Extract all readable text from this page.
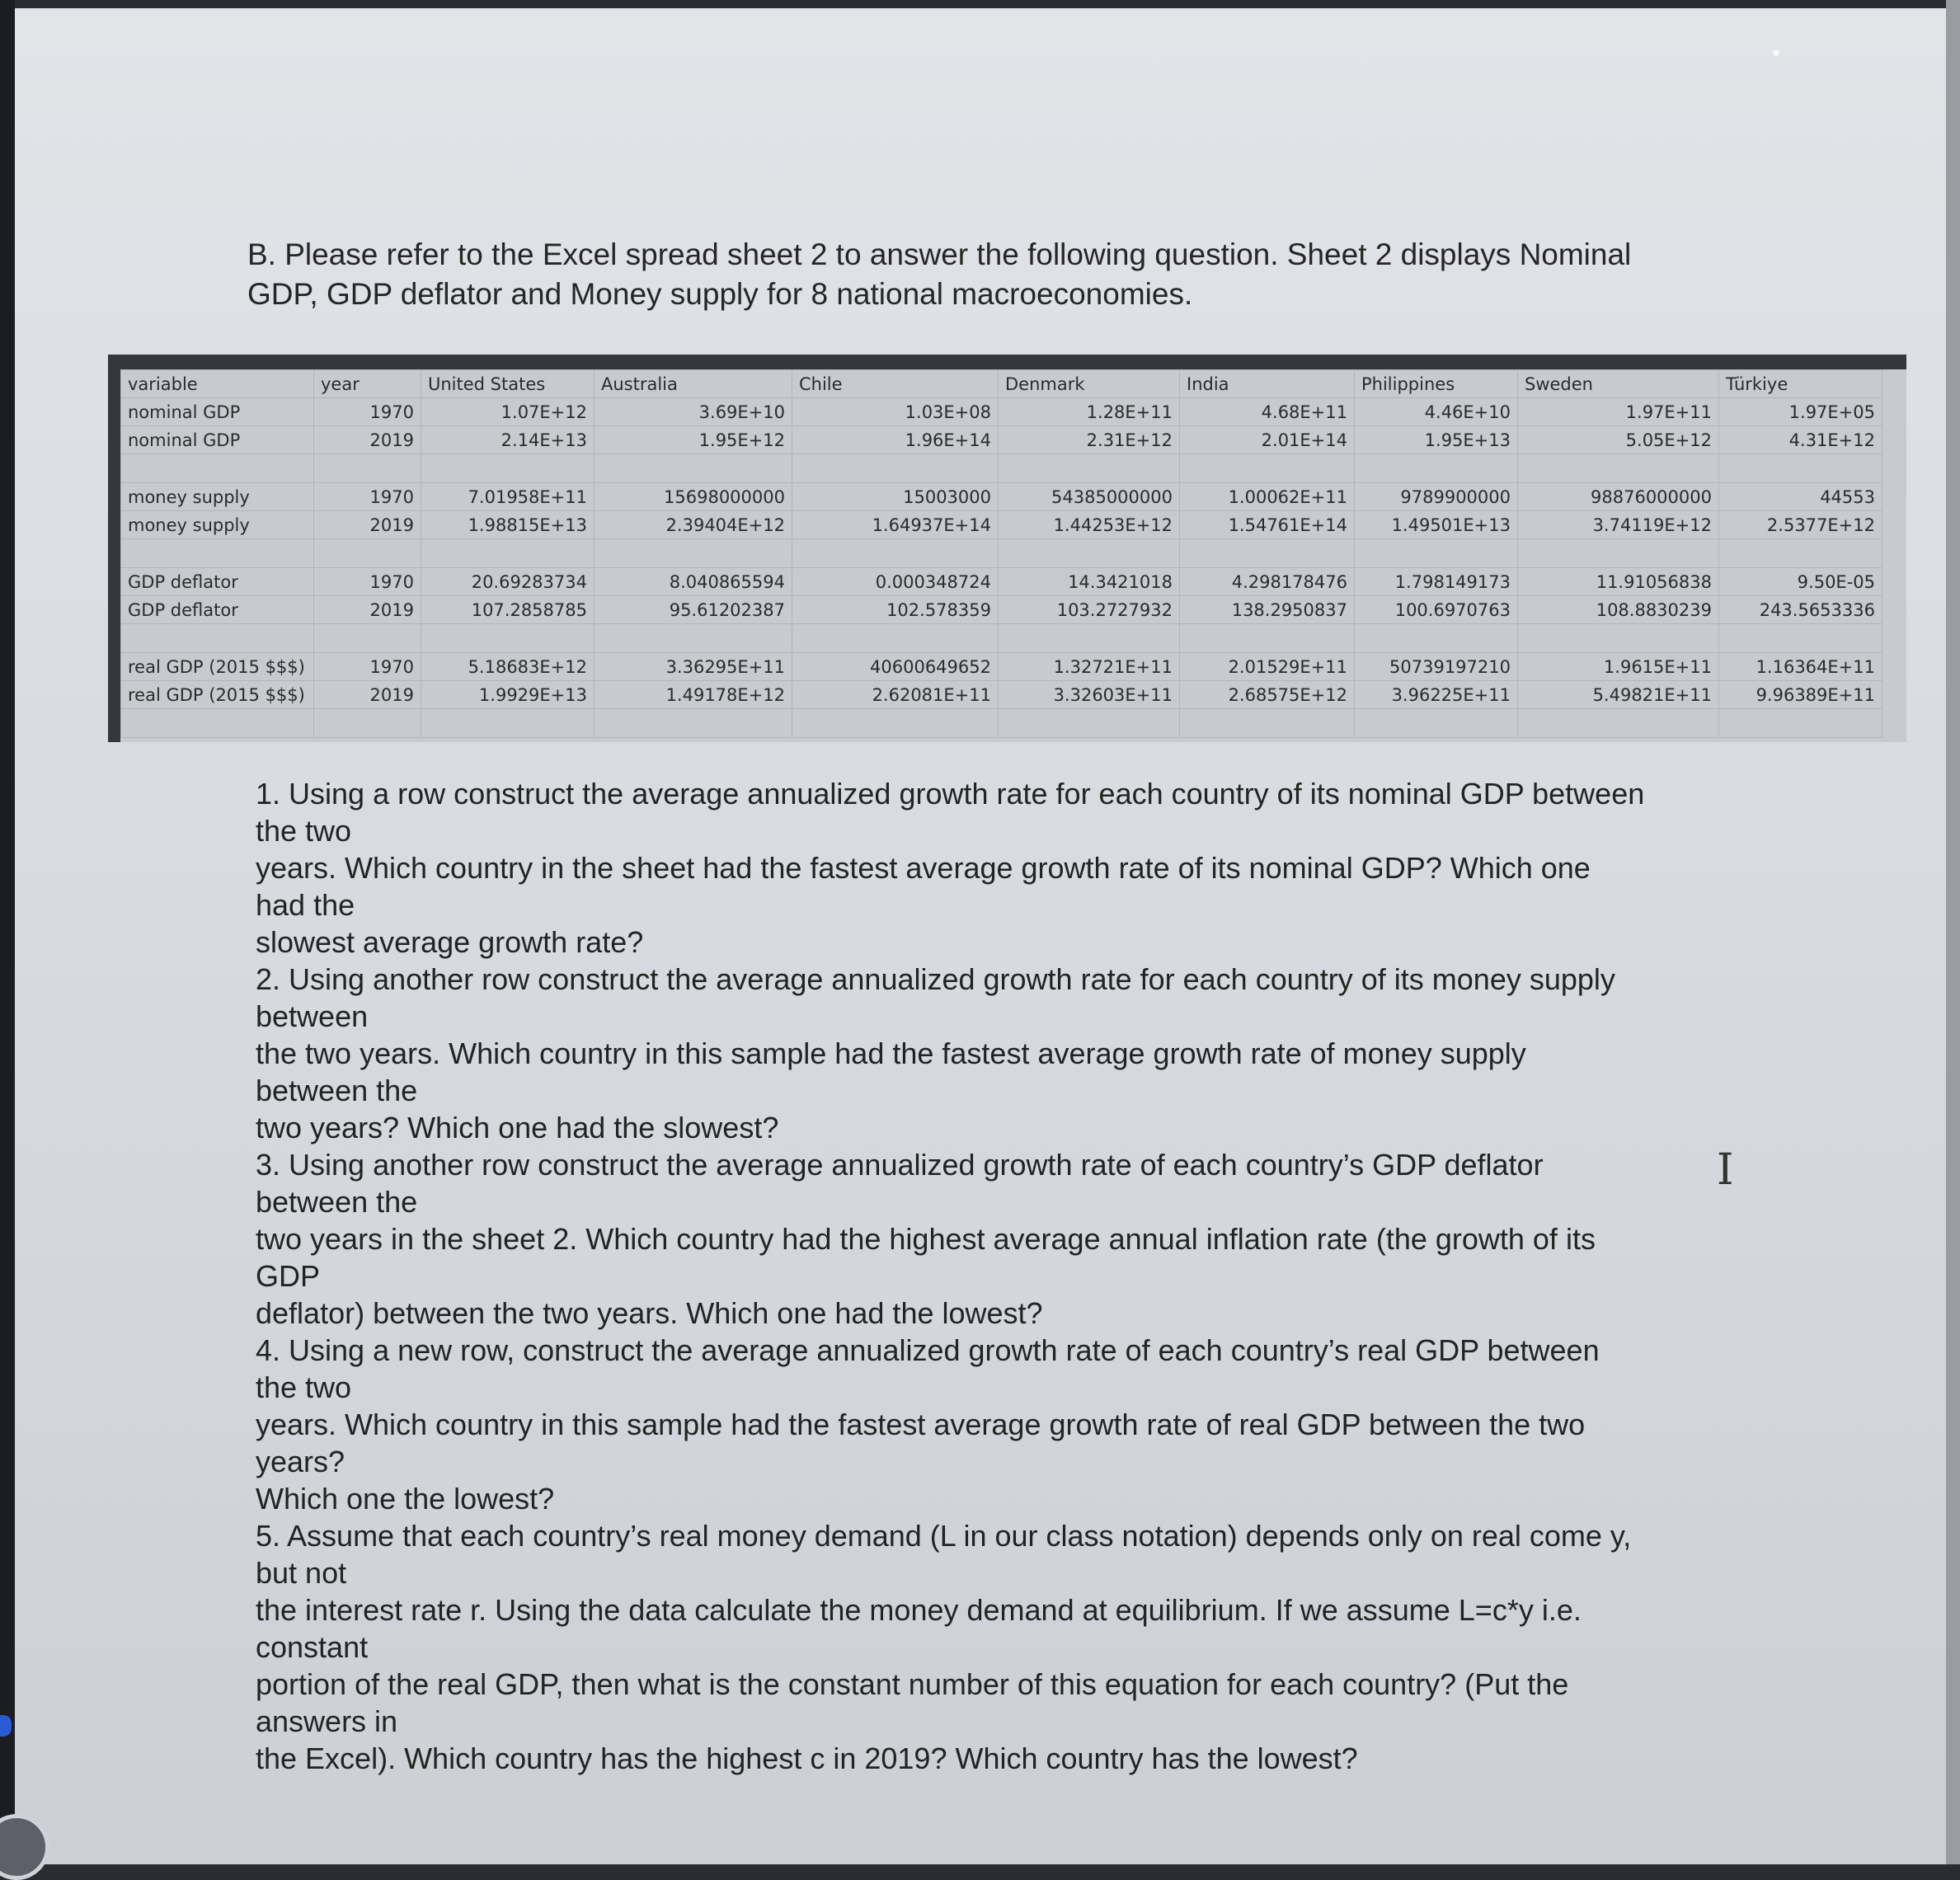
B. Please refer to the Excel spread sheet 2 to answer the following question. Sheet 2 displays Nominal

GDP, GDP deflator and Money supply for 8 national macroeconomies.

variable	year	United States	Australia	Chile	Denmark	India	Philippines	Sweden	Türkiye
nominal GDP	1970	1.07E+12	3.69E+10	1.03E+08	1.28E+11	4.68E+11	4.46E+10	1.97E+11	1.97E+05
nominal GDP	2019	2.14E+13	1.95E+12	1.96E+14	2.31E+12	2.01E+14	1.95E+13	5.05E+12	4.31E+12

money supply	1970	7.01958E+11	15698000000	15003000	54385000000	1.00062E+11	9789900000	98876000000	44553
money supply	2019	1.98815E+13	2.39404E+12	1.64937E+14	1.44253E+12	1.54761E+14	1.49501E+13	3.74119E+12	2.5377E+12

GDP deflator	1970	20.69283734	8.040865594	0.000348724	14.3421018	4.298178476	1.798149173	11.91056838	9.50E-05
GDP deflator	2019	107.2858785	95.61202387	102.578359	103.2727932	138.2950837	100.6970763	108.8830239	243.5653336

real GDP (2015 $$$)	1970	5.18683E+12	3.36295E+11	40600649652	1.32721E+11	2.01529E+11	50739197210	1.9615E+11	1.16364E+11
real GDP (2015 $$$)	2019	1.9929E+13	1.49178E+12	2.62081E+11	3.32603E+11	2.68575E+12	3.96225E+11	5.49821E+11	9.96389E+11

1. Using a row construct the average annualized growth rate for each country of its nominal GDP between
the two
years. Which country in the sheet had the fastest average growth rate of its nominal GDP? Which one
had the
slowest average growth rate?

2. Using another row construct the average annualized growth rate for each country of its money supply
between
the two years. Which country in this sample had the fastest average growth rate of money supply
between the
two years? Which one had the slowest?

3. Using another row construct the average annualized growth rate of each country’s GDP deflator
between the
two years in the sheet 2. Which country had the highest average annual inflation rate (the growth of its
GDP
deflator) between the two years. Which one had the lowest?

4. Using a new row, construct the average annualized growth rate of each country’s real GDP between
the two
years. Which country in this sample had the fastest average growth rate of real GDP between the two
years?
Which one the lowest?

5. Assume that each country’s real money demand (L in our class notation) depends only on real come y,
but not
the interest rate r. Using the data calculate the money demand at equilibrium. If we assume L=c*y i.e.
constant
portion of the real GDP, then what is the constant number of this equation for each country? (Put the
answers in
the Excel). Which country has the highest c in 2019? Which country has the lowest?

I
